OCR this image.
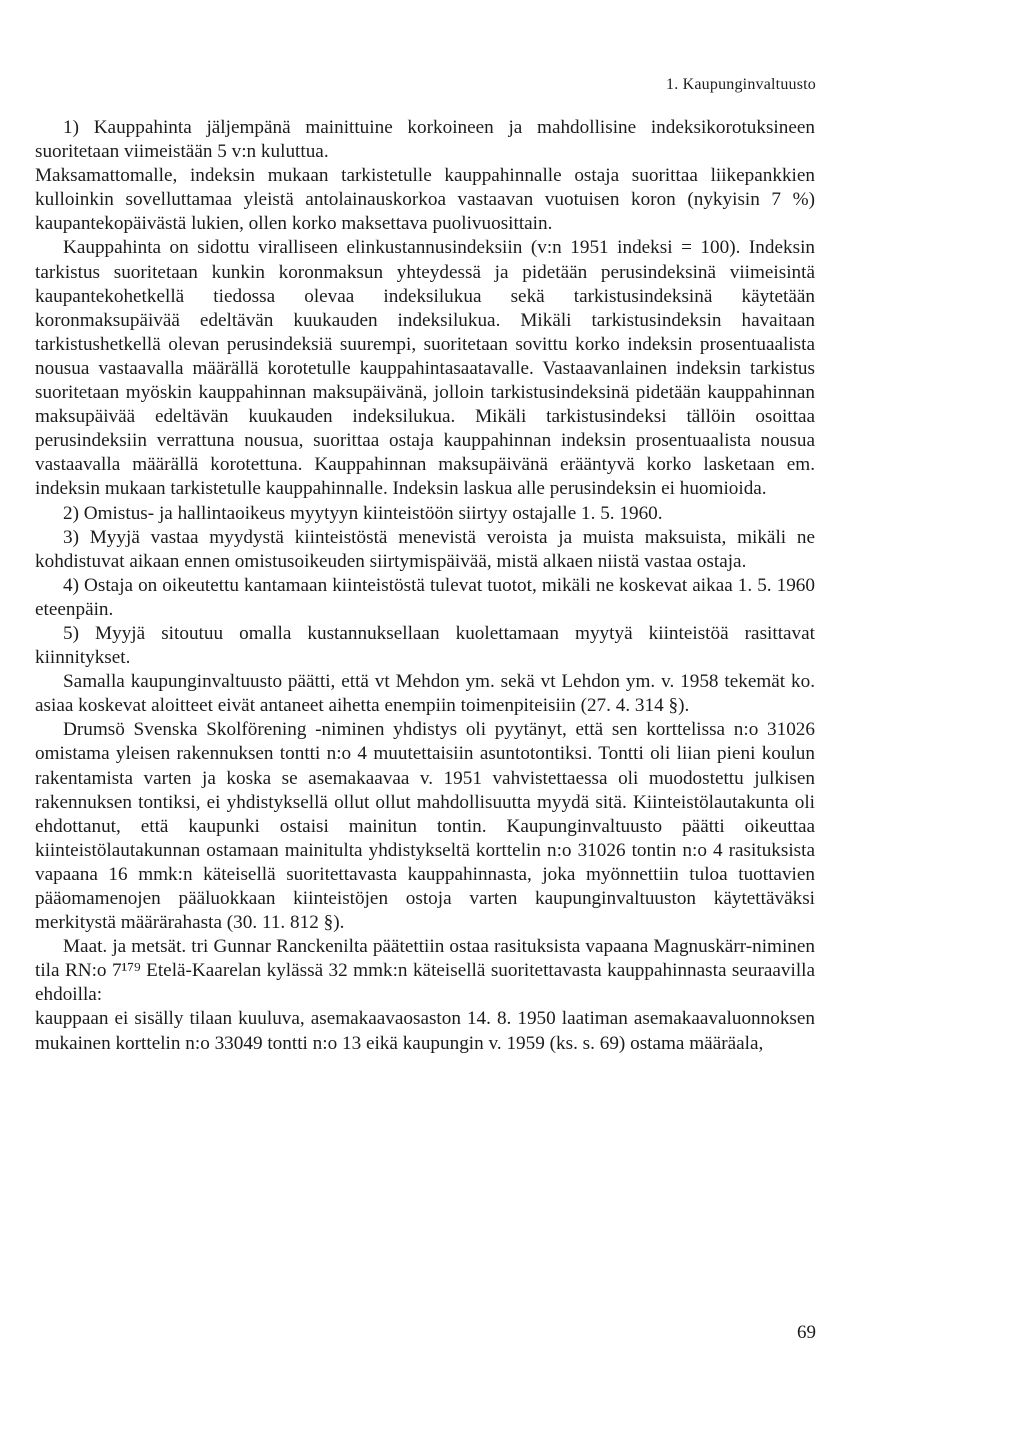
1. Kaupunginvaltuusto

1) Kauppahinta jäljempänä mainittuine korkoineen ja mahdollisine indeksikorotuksineen suoritetaan viimeistään 5 v:n kuluttua.

Maksamattomalle, indeksin mukaan tarkistetulle kauppahinnalle ostaja suorittaa liikepankkien kulloinkin sovelluttamaa yleistä antolainauskorkoa vastaavan vuotuisen koron (nykyisin 7 %) kaupantekopäivästä lukien, ollen korko maksettava puolivuosittain.

Kauppahinta on sidottu viralliseen elinkustannusindeksiin (v:n 1951 indeksi = 100). Indeksin tarkistus suoritetaan kunkin koronmaksun yhteydessä ja pidetään perusindeksinä viimeisintä kaupantekohetkellä tiedossa olevaa indeksilukua sekä tarkistusindeksinä käytetään koronmaksupäivää edeltävän kuukauden indeksilukua. Mikäli tarkistusindeksin havaitaan tarkistushetkellä olevan perusindeksiä suurempi, suoritetaan sovittu korko indeksin prosentuaalista nousua vastaavalla määrällä korotetulle kauppahintasaatavalle. Vastaavanlainen indeksin tarkistus suoritetaan myöskin kauppahinnan maksupäivänä, jolloin tarkistusindeksinä pidetään kauppahinnan maksupäivää edeltävän kuukauden indeksilukua. Mikäli tarkistusindeksi tällöin osoittaa perusindeksiin verrattuna nousua, suorittaa ostaja kauppahinnan indeksin prosentuaalista nousua vastaavalla määrällä korotettuna. Kauppahinnan maksupäivänä erääntyvä korko lasketaan em. indeksin mukaan tarkistetulle kauppahinnalle. Indeksin laskua alle perusindeksin ei huomioida.

2) Omistus- ja hallintaoikeus myytyyn kiinteistöön siirtyy ostajalle 1. 5. 1960.

3) Myyjä vastaa myydystä kiinteistöstä menevistä veroista ja muista maksuista, mikäli ne kohdistuvat aikaan ennen omistusoikeuden siirtymispäivää, mistä alkaen niistä vastaa ostaja.

4) Ostaja on oikeutettu kantamaan kiinteistöstä tulevat tuotot, mikäli ne koskevat aikaa 1. 5. 1960 eteenpäin.

5) Myyjä sitoutuu omalla kustannuksellaan kuolettamaan myytyä kiinteistöä rasittavat kiinnitykset.

Samalla kaupunginvaltuusto päätti, että vt Mehdon ym. sekä vt Lehdon ym. v. 1958 tekemät ko. asiaa koskevat aloitteet eivät antaneet aihetta enempiin toimenpiteisiin (27. 4. 314 §).

Drumsö Svenska Skolförening -niminen yhdistys oli pyytänyt, että sen korttelissa n:o 31026 omistama yleisen rakennuksen tontti n:o 4 muutettaisiin asuntotontiksi. Tontti oli liian pieni koulun rakentamista varten ja koska se asemakaavaa v. 1951 vahvistettaessa oli muodostettu julkisen rakennuksen tontiksi, ei yhdistyksellä ollut ollut mahdollisuutta myydä sitä. Kiinteistölautakunta oli ehdottanut, että kaupunki ostaisi mainitun tontin. Kaupunginvaltuusto päätti oikeuttaa kiinteistölautakunnan ostamaan mainitulta yhdistykseltä korttelin n:o 31026 tontin n:o 4 rasituksista vapaana 16 mmk:n käteisellä suoritettavasta kauppahinnasta, joka myönnettiin tuloa tuottavien pääomamenojen pääluokkaan kiinteistöjen ostoja varten kaupunginvaltuuston käytettäväksi merkitystä määrärahasta (30. 11. 812 §).

Maat. ja metsät. tri Gunnar Ranckenilta päätettiin ostaa rasituksista vapaana Magnuskärr-niminen tila RN:o 7¹⁷⁹ Etelä-Kaarelan kylässä 32 mmk:n käteisellä suoritettavasta kauppahinnasta seuraavilla ehdoilla:

kauppaan ei sisälly tilaan kuuluva, asemakaavaosaston 14. 8. 1950 laatiman asemakaavaluonnoksen mukainen korttelin n:o 33049 tontti n:o 13 eikä kaupungin v. 1959 (ks. s. 69) ostama määräala,

69
